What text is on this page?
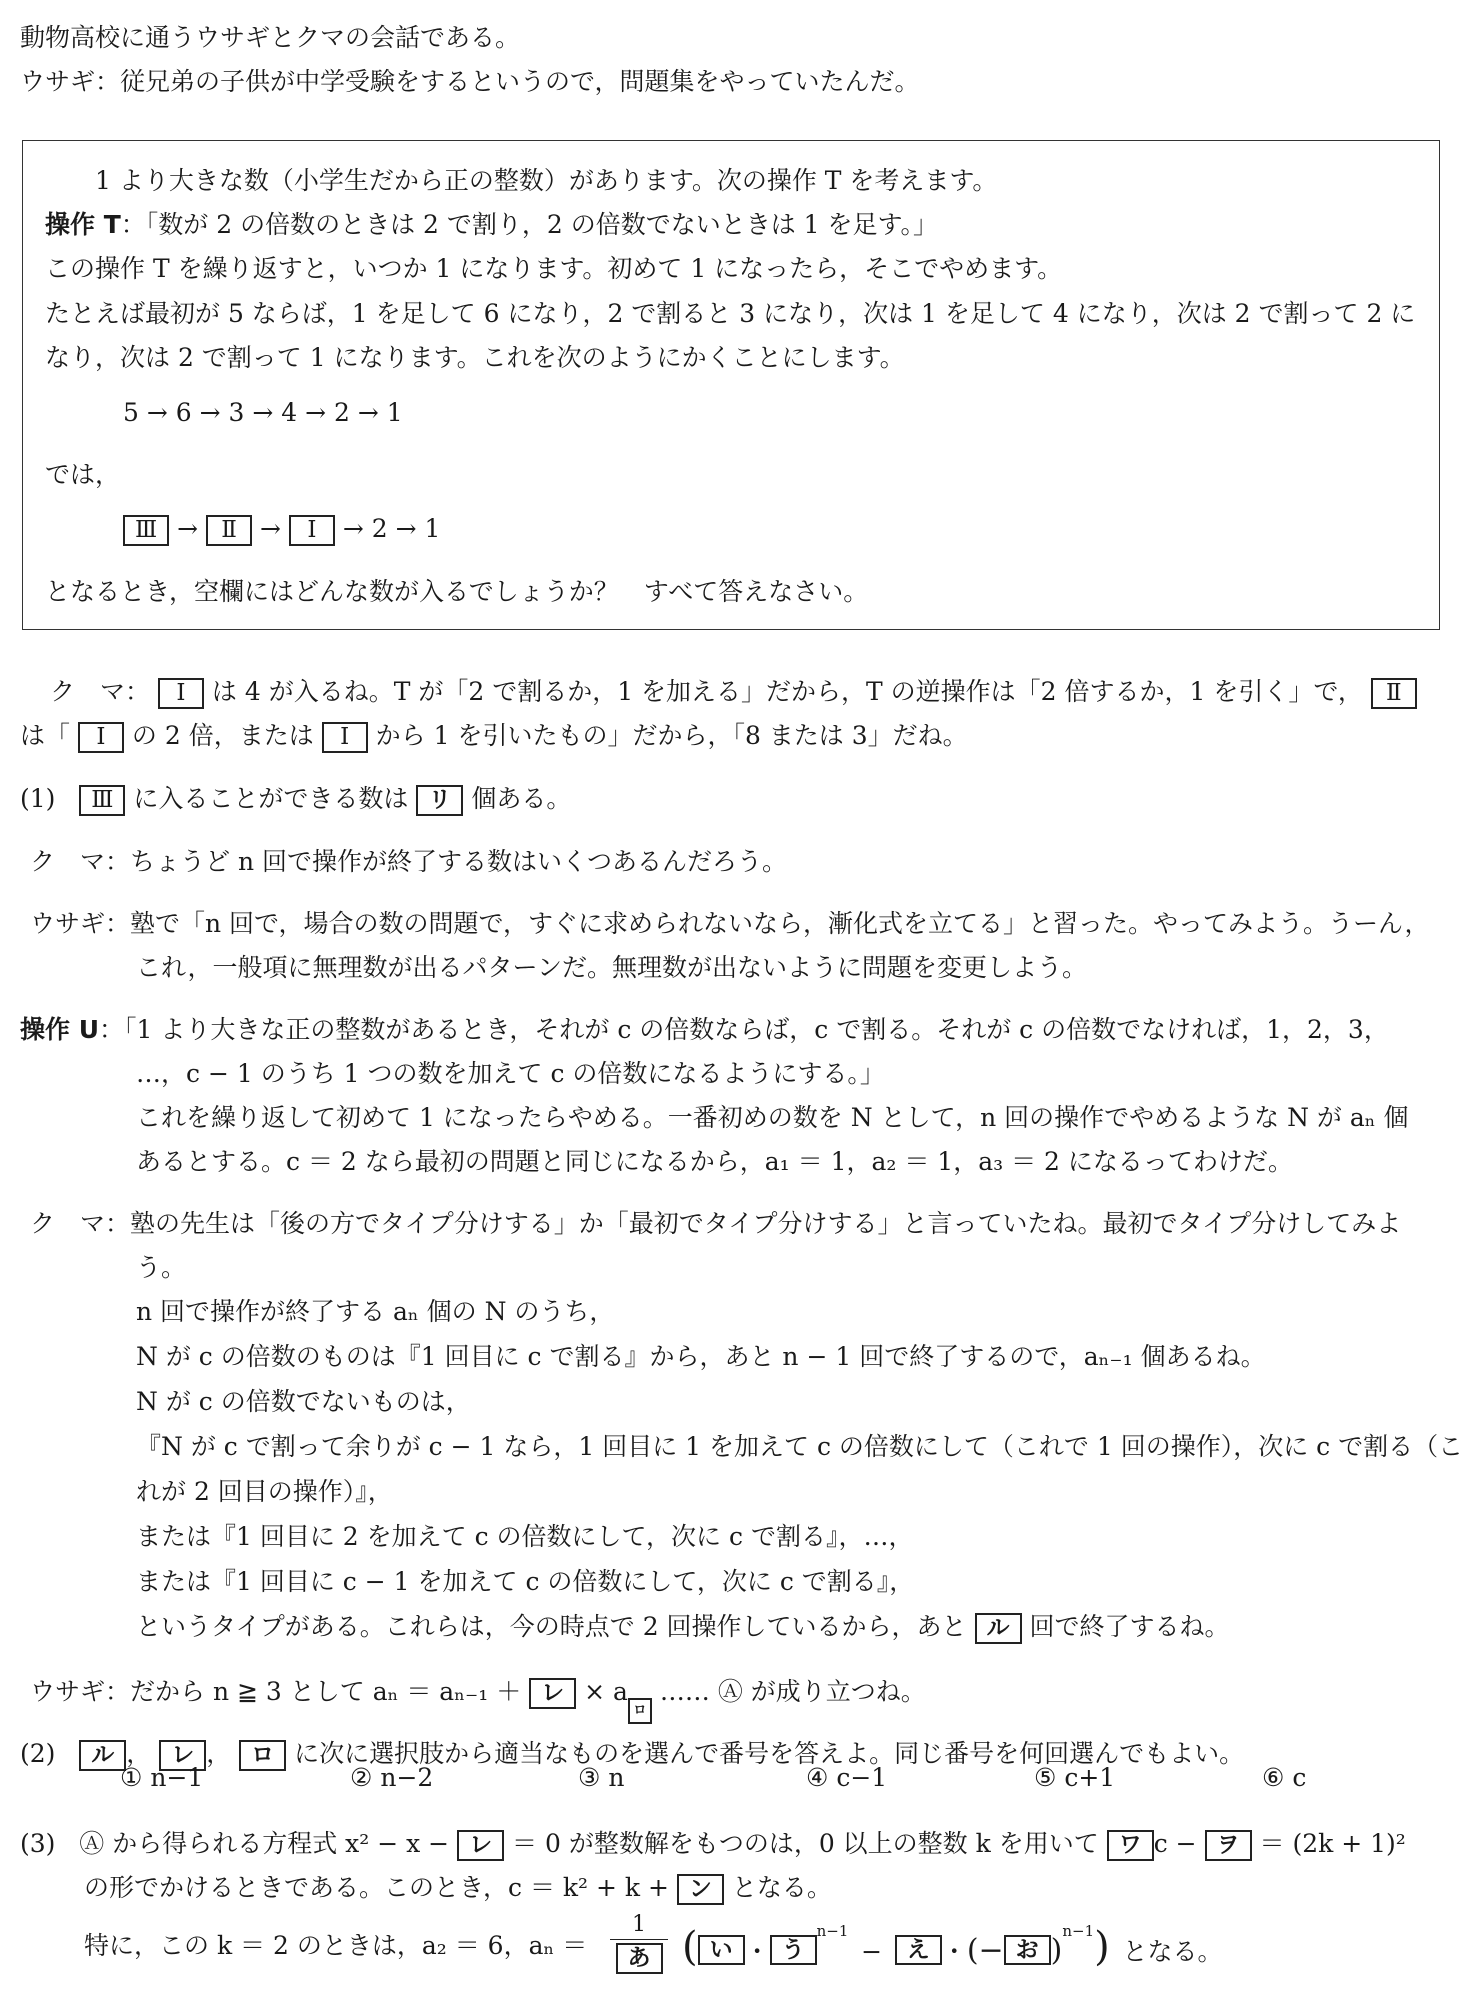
動物高校に通うウサギとクマの会話である。
ウサギ：従兄弟の子供が中学受験をするというので，問題集をやっていたんだ。
1 より大きな数（小学生だから正の整数）があります。次の操作 T を考えます。
操作 T：「数が 2 の倍数のときは 2 で割り，2 の倍数でないときは 1 を足す。」
この操作 T を繰り返すと，いつか 1 になります。初めて 1 になったら，そこでやめます。
たとえば最初が 5 ならば，1 を足して 6 になり，2 で割ると 3 になり，次は 1 を足して 4 になり，次は 2 で割って 2 に
なり，次は 2 で割って 1 になります。これを次のようにかくことにします。
5 → 6 → 3 → 4 → 2 → 1
では，
Ⅲ → Ⅱ → Ⅰ → 2 → 1
となるとき，空欄にはどんな数が入るでしょうか？　すべて答えなさい。
ク　マ： Ⅰ は 4 が入るね。T が「2 で割るか，1 を加える」だから，T の逆操作は「2 倍するか，1 を引く」で， Ⅱ
は「 Ⅰ の 2 倍，または Ⅰ から 1 を引いたもの」だから，「8 または 3」だね。
(1) Ⅲ に入ることができる数は リ 個ある。
ク　マ：ちょうど n 回で操作が終了する数はいくつあるんだろう。
ウサギ：塾で「n 回で，場合の数の問題で，すぐに求められないなら，漸化式を立てる」と習った。やってみよう。うーん，
これ，一般項に無理数が出るパターンだ。無理数が出ないように問題を変更しよう。
操作 U：「1 より大きな正の整数があるとき，それが c の倍数ならば，c で割る。それが c の倍数でなければ，1，2，3，
…，c − 1 のうち 1 つの数を加えて c の倍数になるようにする。」
これを繰り返して初めて 1 になったらやめる。一番初めの数を N として，n 回の操作でやめるような N が aₙ 個
あるとする。c ＝ 2 なら最初の問題と同じになるから，a₁ ＝ 1，a₂ ＝ 1，a₃ ＝ 2 になるってわけだ。
ク　マ：塾の先生は「後の方でタイプ分けする」か「最初でタイプ分けする」と言っていたね。最初でタイプ分けしてみよ
う。
n 回で操作が終了する aₙ 個の N のうち，
N が c の倍数のものは『1 回目に c で割る』から，あと n − 1 回で終了するので，aₙ₋₁ 個あるね。
N が c の倍数でないものは，
『N が c で割って余りが c − 1 なら，1 回目に 1 を加えて c の倍数にして（これで 1 回の操作），次に c で割る（こ
れが 2 回目の操作）』，
または『1 回目に 2 を加えて c の倍数にして，次に c で割る』，…，
または『1 回目に c − 1 を加えて c の倍数にして，次に c で割る』，
というタイプがある。これらは，今の時点で 2 回操作しているから，あと ル 回で終了するね。
ウサギ：だから n ≧ 3 として aₙ ＝ aₙ₋₁ ＋ レ × aロ …… Ⓐ が成り立つね。
(2) ル ， レ ， ロ に次に選択肢から適当なものを選んで番号を答えよ。同じ番号を何回選んでもよい。
① n−1	② n−2	③ n	④ c−1	⑤ c+1	⑥ c
(3) Ⓐ から得られる方程式 x² − x − レ ＝ 0 が整数解をもつのは，0 以上の整数 k を用いて ワ c − ヲ ＝ (2k + 1)²
の形でかけるときである。このとき，c ＝ k² + k + ン となる。
特に，この k ＝ 2 のときは，a₂ ＝ 6，aₙ ＝
1
あ ( い ・ う$^{n-1}$ − え ・(− お )$^{n-1}$) となる。
